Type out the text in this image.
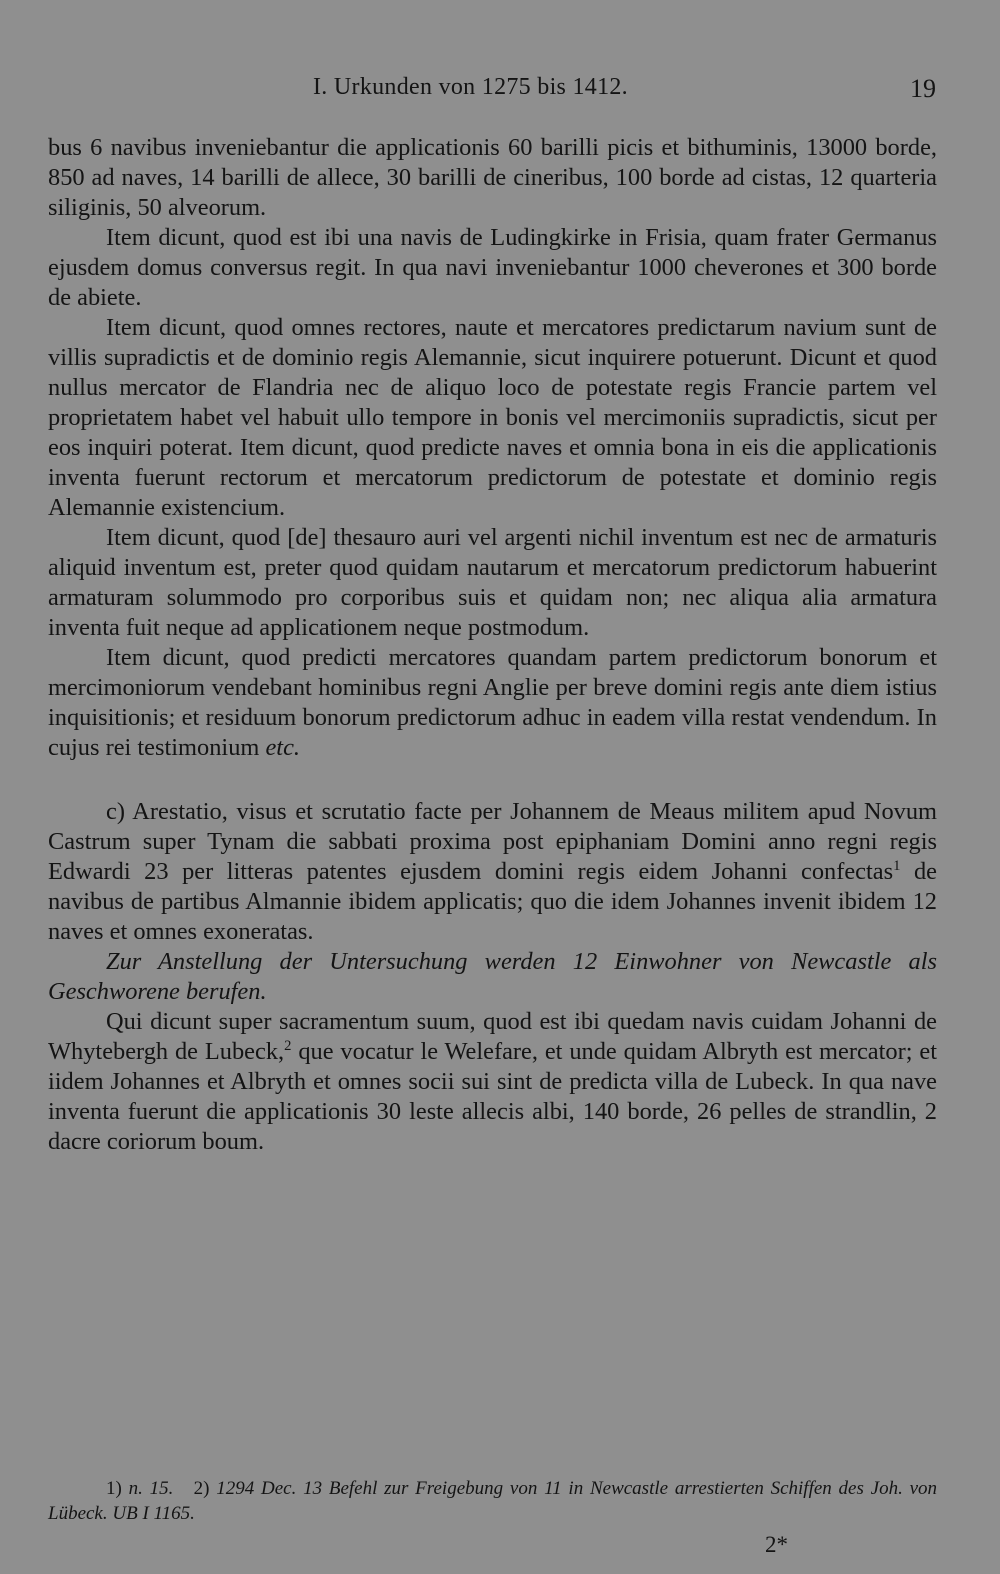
I. Urkunden von 1275 bis 1412.	19

bus 6 navibus inveniebantur die applicationis 60 barilli picis et bithuminis, 13000 borde, 850 ad naves, 14 barilli de allece, 30 barilli de cineribus, 100 borde ad cistas, 12 quarteria siliginis, 50 alveorum.

Item dicunt, quod est ibi una navis de Ludingkirke in Frisia, quam frater Germanus ejusdem domus conversus regit. In qua navi inveniebantur 1000 cheverones et 300 borde de abiete.

Item dicunt, quod omnes rectores, naute et mercatores predictarum navium sunt de villis supradictis et de dominio regis Alemannie, sicut inquirere potuerunt. Dicunt et quod nullus mercator de Flandria nec de aliquo loco de potestate regis Francie partem vel proprietatem habet vel habuit ullo tempore in bonis vel mercimoniis supradictis, sicut per eos inquiri poterat. Item dicunt, quod predicte naves et omnia bona in eis die applicationis inventa fuerunt rectorum et mercatorum predictorum de potestate et dominio regis Alemannie existencium.

Item dicunt, quod [de] thesauro auri vel argenti nichil inventum est nec de armaturis aliquid inventum est, preter quod quidam nautarum et mercatorum predictorum habuerint armaturam solummodo pro corporibus suis et quidam non; nec aliqua alia armatura inventa fuit neque ad applicationem neque postmodum.

Item dicunt, quod predicti mercatores quandam partem predictorum bonorum et mercimoniorum vendebant hominibus regni Anglie per breve domini regis ante diem istius inquisitionis; et residuum bonorum predictorum adhuc in eadem villa restat vendendum. In cujus rei testimonium etc.

c) Arestatio, visus et scrutatio facte per Johannem de Meaus militem apud Novum Castrum super Tynam die sabbati proxima post epiphaniam Domini anno regni regis Edwardi 23 per litteras patentes ejusdem domini regis eidem Johanni confectas$^1$ de navibus de partibus Almannie ibidem applicatis; quo die idem Johannes invenit ibidem 12 naves et omnes exoneratas.

Zur Anstellung der Untersuchung werden 12 Einwohner von Newcastle als Geschworene berufen.

Qui dicunt super sacramentum suum, quod est ibi quedam navis cuidam Johanni de Whytebergh de Lubeck,$^2$ que vocatur le Welefare, et unde quidam Albryth est mercator; et iidem Johannes et Albryth et omnes socii sui sint de predicta villa de Lubeck. In qua nave inventa fuerunt die applicationis 30 leste allecis albi, 140 borde, 26 pelles de strandlin, 2 dacre coriorum boum.

1) n. 15. 2) 1294 Dec. 13 Befehl zur Freigebung von 11 in Newcastle arrestierten Schiffen des Joh. von Lübeck. UB I 1165.

2*
